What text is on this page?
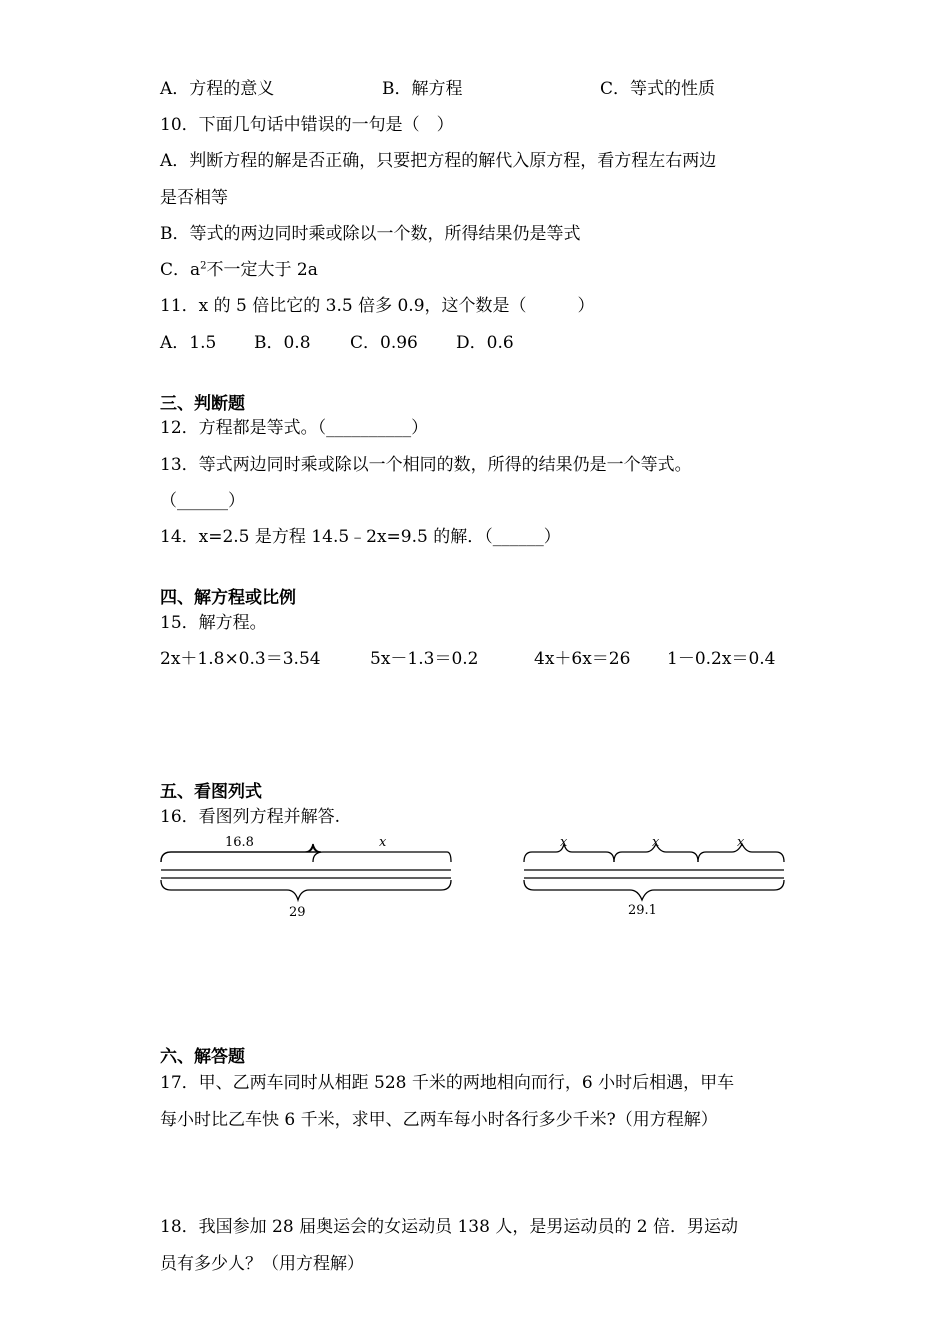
A．方程的意义	B．解方程	C．等式的性质
10．下面几句话中错误的一句是（　）
A．判断方程的解是否正确，只要把方程的解代入原方程，看方程左右两边
是否相等
B．等式的两边同时乘或除以一个数，所得结果仍是等式
C．$a^2$不一定大于 2a
11．x 的 5 倍比它的 3.5 倍多 0.9，这个数是（　　　）
A．1.5 B．0.8 C．0.96 D．0.6
三、判断题
12．方程都是等式。（__________）
13．等式两边同时乘或除以一个相同的数，所得的结果仍是一个等式。
（______）
14．x=2.5 是方程 14.5﹣2x=9.5 的解．（______）
四、解方程或比例
15．解方程。
2x＋1.8×0.3＝3.54	5x－1.3＝0.2	4x＋6x＝26 1－0.2x＝0.4
五、看图列式
16．看图列方程并解答.
16.8	x
29
x	x	x
29.1
六、解答题
17．甲、乙两车同时从相距 528 千米的两地相向而行，6 小时后相遇，甲车
每小时比乙车快 6 千米，求甲、乙两车每小时各行多少千米?（用方程解）
18．我国参加 28 届奥运会的女运动员 138 人，是男运动员的 2 倍．男运动
员有多少人？（用方程解）
